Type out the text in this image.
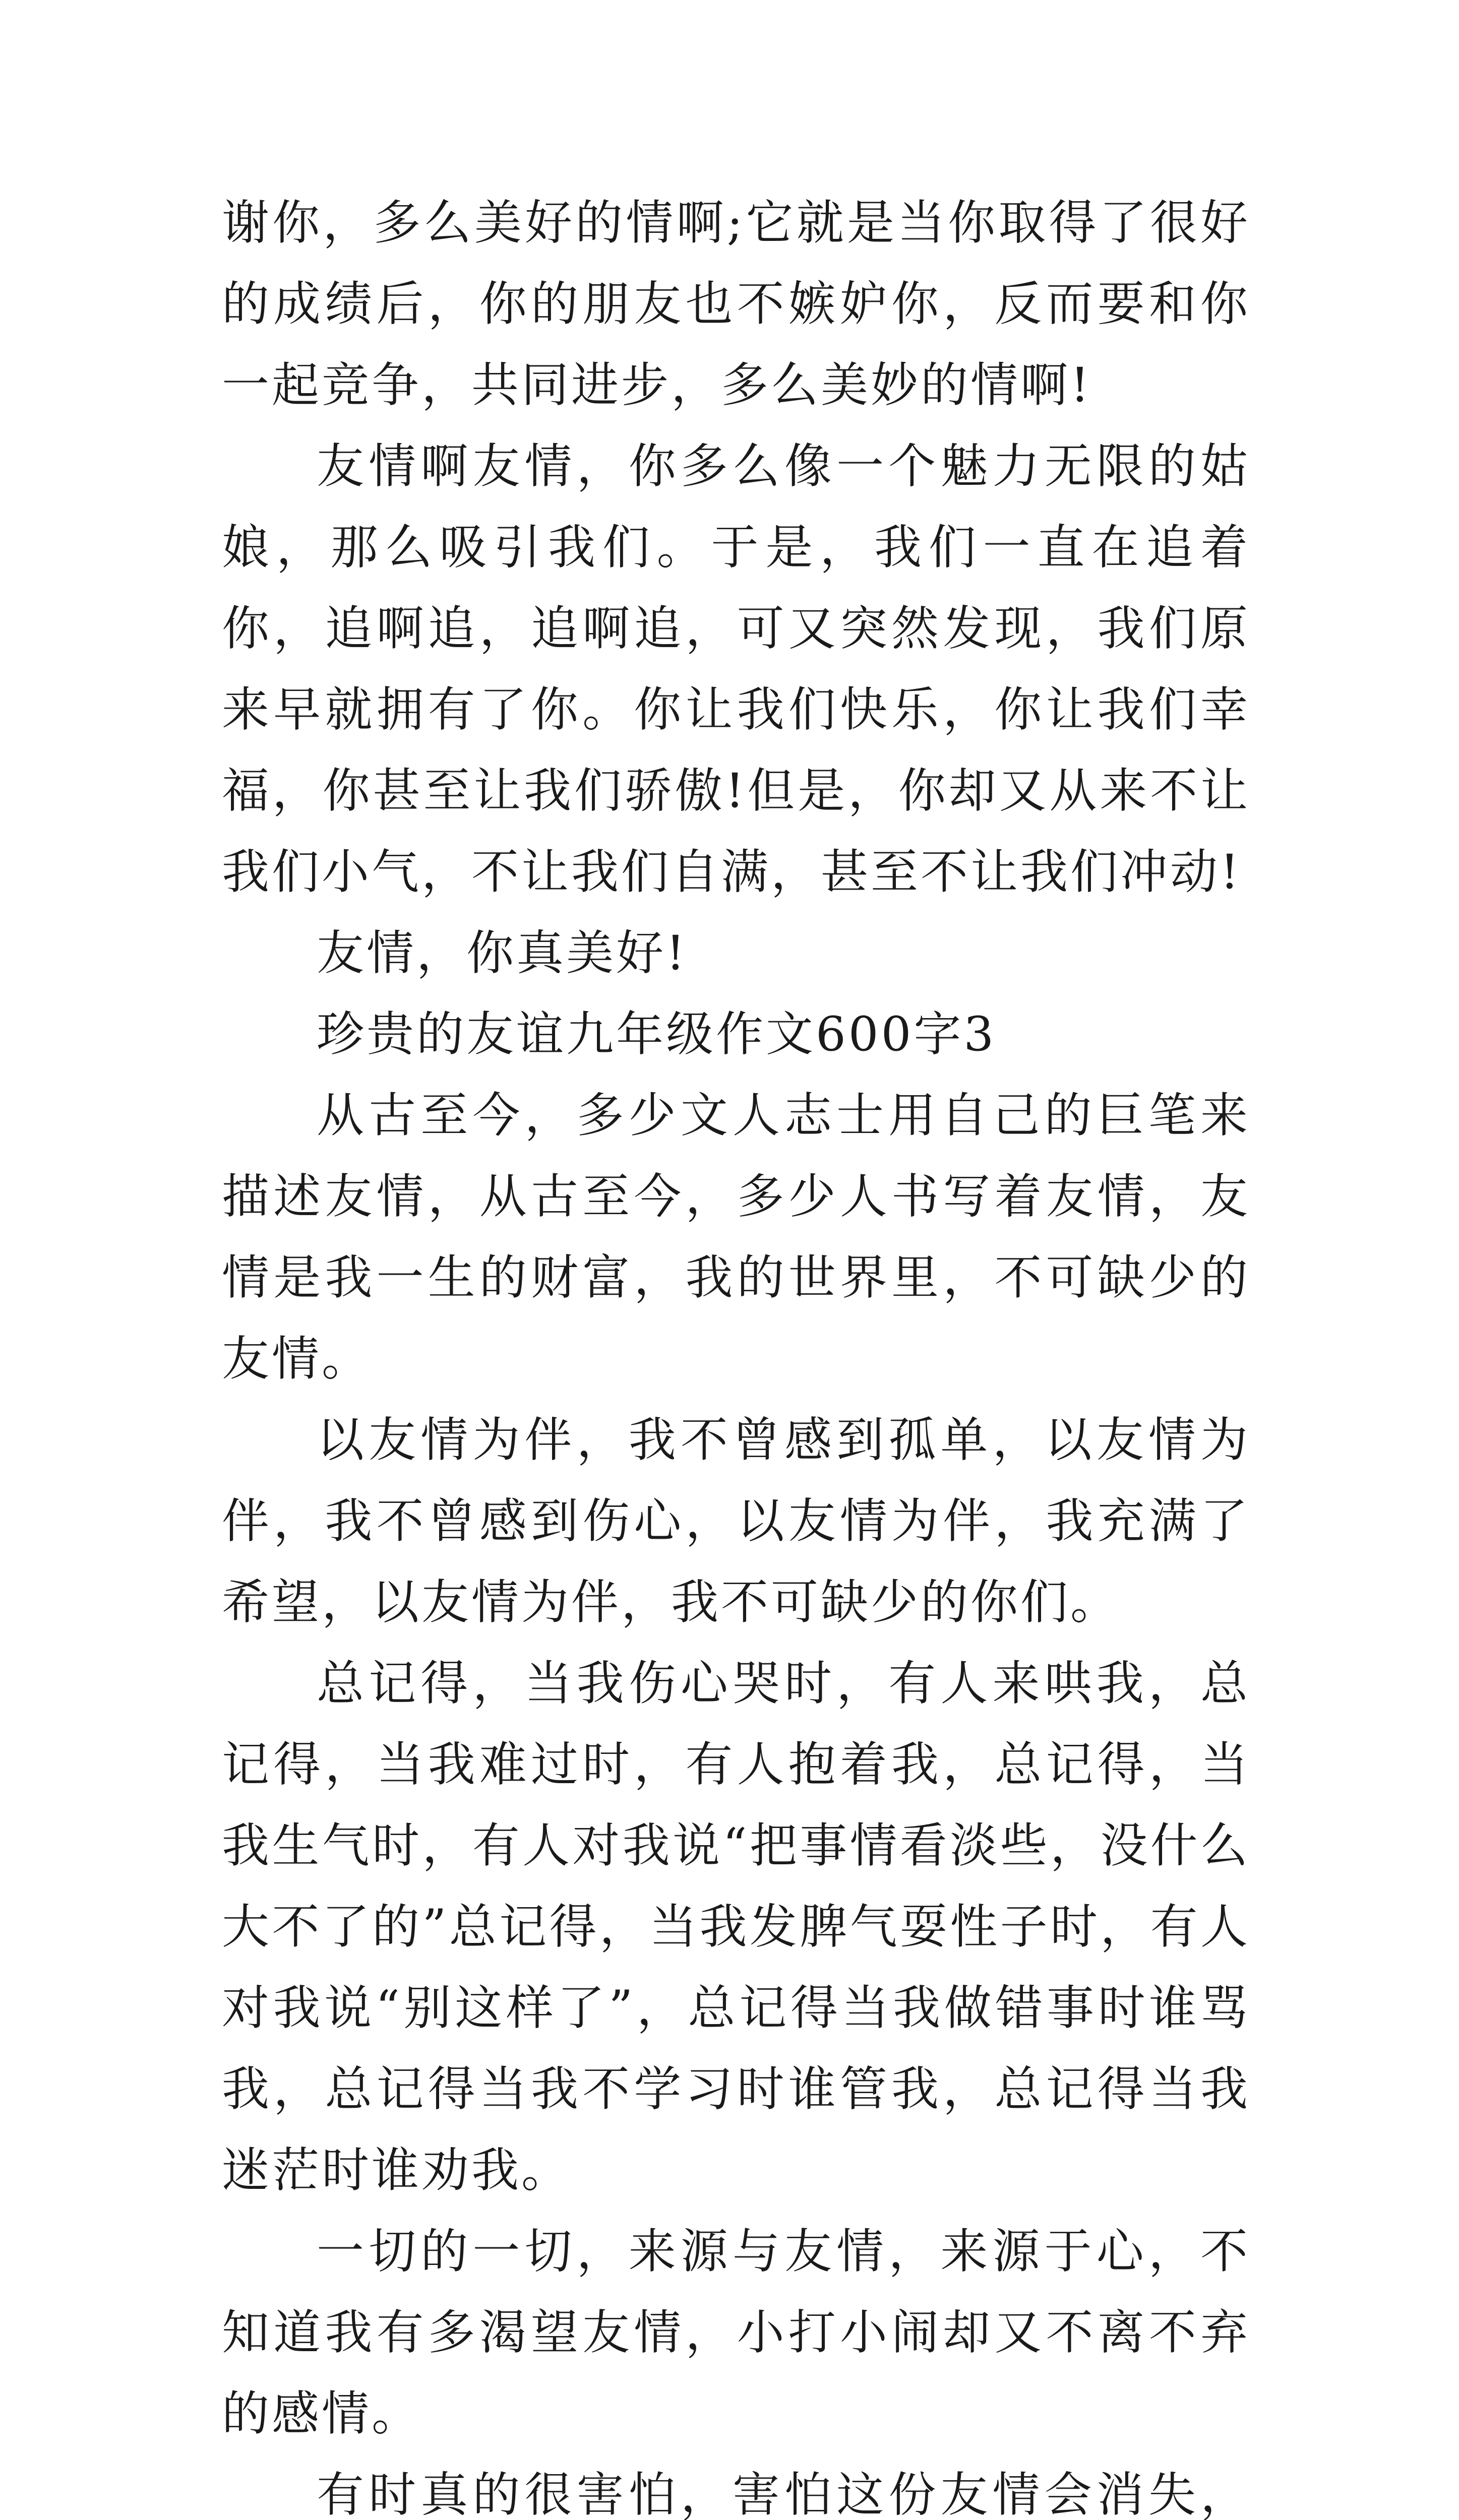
谢你，多么美好的情啊;它就是当你取得了很好的成绩后，你的朋友也不嫉妒你，反而要和你一起竞争，共同进步，多么美妙的情啊!

友情啊友情，你多么像一个魅力无限的姑娘，那么吸引我们。于是，我们一直在追着你，追啊追，追啊追，可又突然发现，我们原来早就拥有了你。你让我们快乐，你让我们幸福，你甚至让我们骄傲!但是，你却又从来不让我们小气，不让我们自满，甚至不让我们冲动!

友情，你真美好!

珍贵的友谊九年级作文600字3

从古至今，多少文人志士用自己的巨笔来描述友情，从古至今，多少人书写着友情，友情是我一生的财富，我的世界里，不可缺少的友情。

以友情为伴，我不曾感到孤单，以友情为伴，我不曾感到伤心，以友情为伴，我充满了希望，以友情为伴，我不可缺少的你们。

总记得，当我伤心哭时，有人来哄我，总记得，当我难过时，有人抱着我，总记得，当我生气时，有人对我说“把事情看淡些，没什么大不了的”总记得，当我发脾气耍性子时，有人对我说“别这样了”，总记得当我做错事时谁骂我，总记得当我不学习时谁管我，总记得当我迷茫时谁劝我。

一切的一切，来源与友情，来源于心，不知道我有多渴望友情，小打小闹却又不离不弃的感情。

有时真的很害怕，害怕这份友情会消失，
